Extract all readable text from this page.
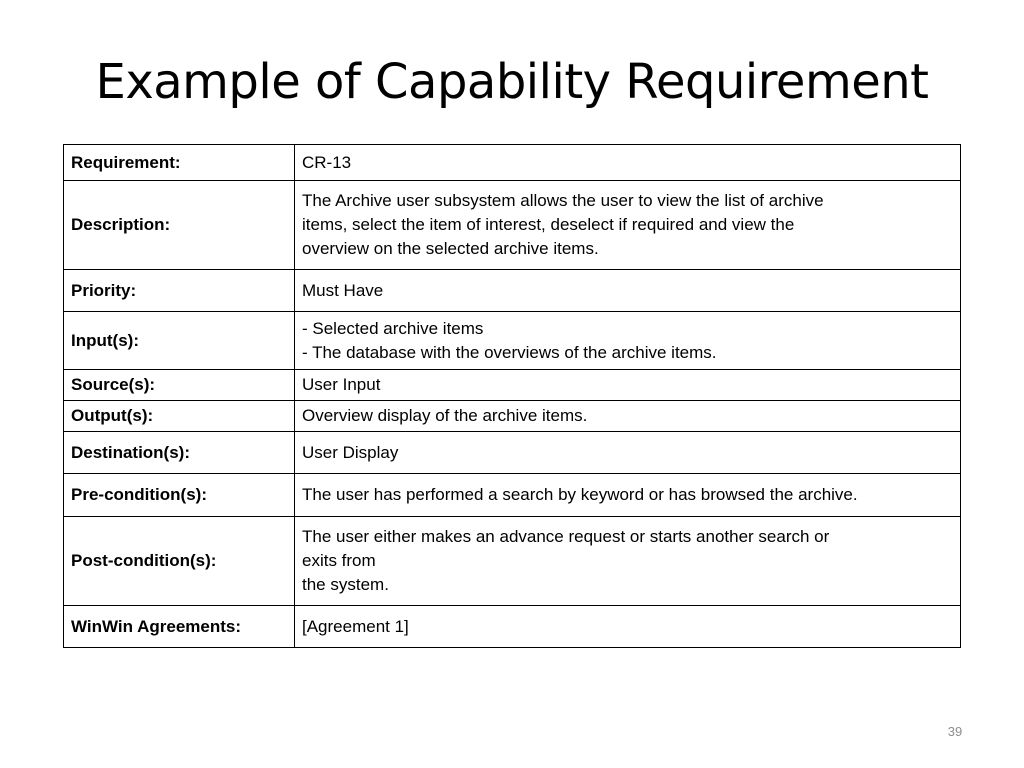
Example of Capability Requirement
Requirement:	CR-13
Description:	The Archive user subsystem allows the user to view the list of archive
items, select the item of interest, deselect if required and view the
overview on the selected archive items.
Priority:	Must Have
Input(s):	- Selected archive items
- The database with the overviews of the archive items.
Source(s):	User Input
Output(s):	Overview display of the archive items.
Destination(s):	User Display
Pre-condition(s):	The user has performed a search by keyword or has browsed the archive.
Post-condition(s):	The user either makes an advance request or starts another search or
exits from
the system.
WinWin Agreements:	[Agreement 1]
39
